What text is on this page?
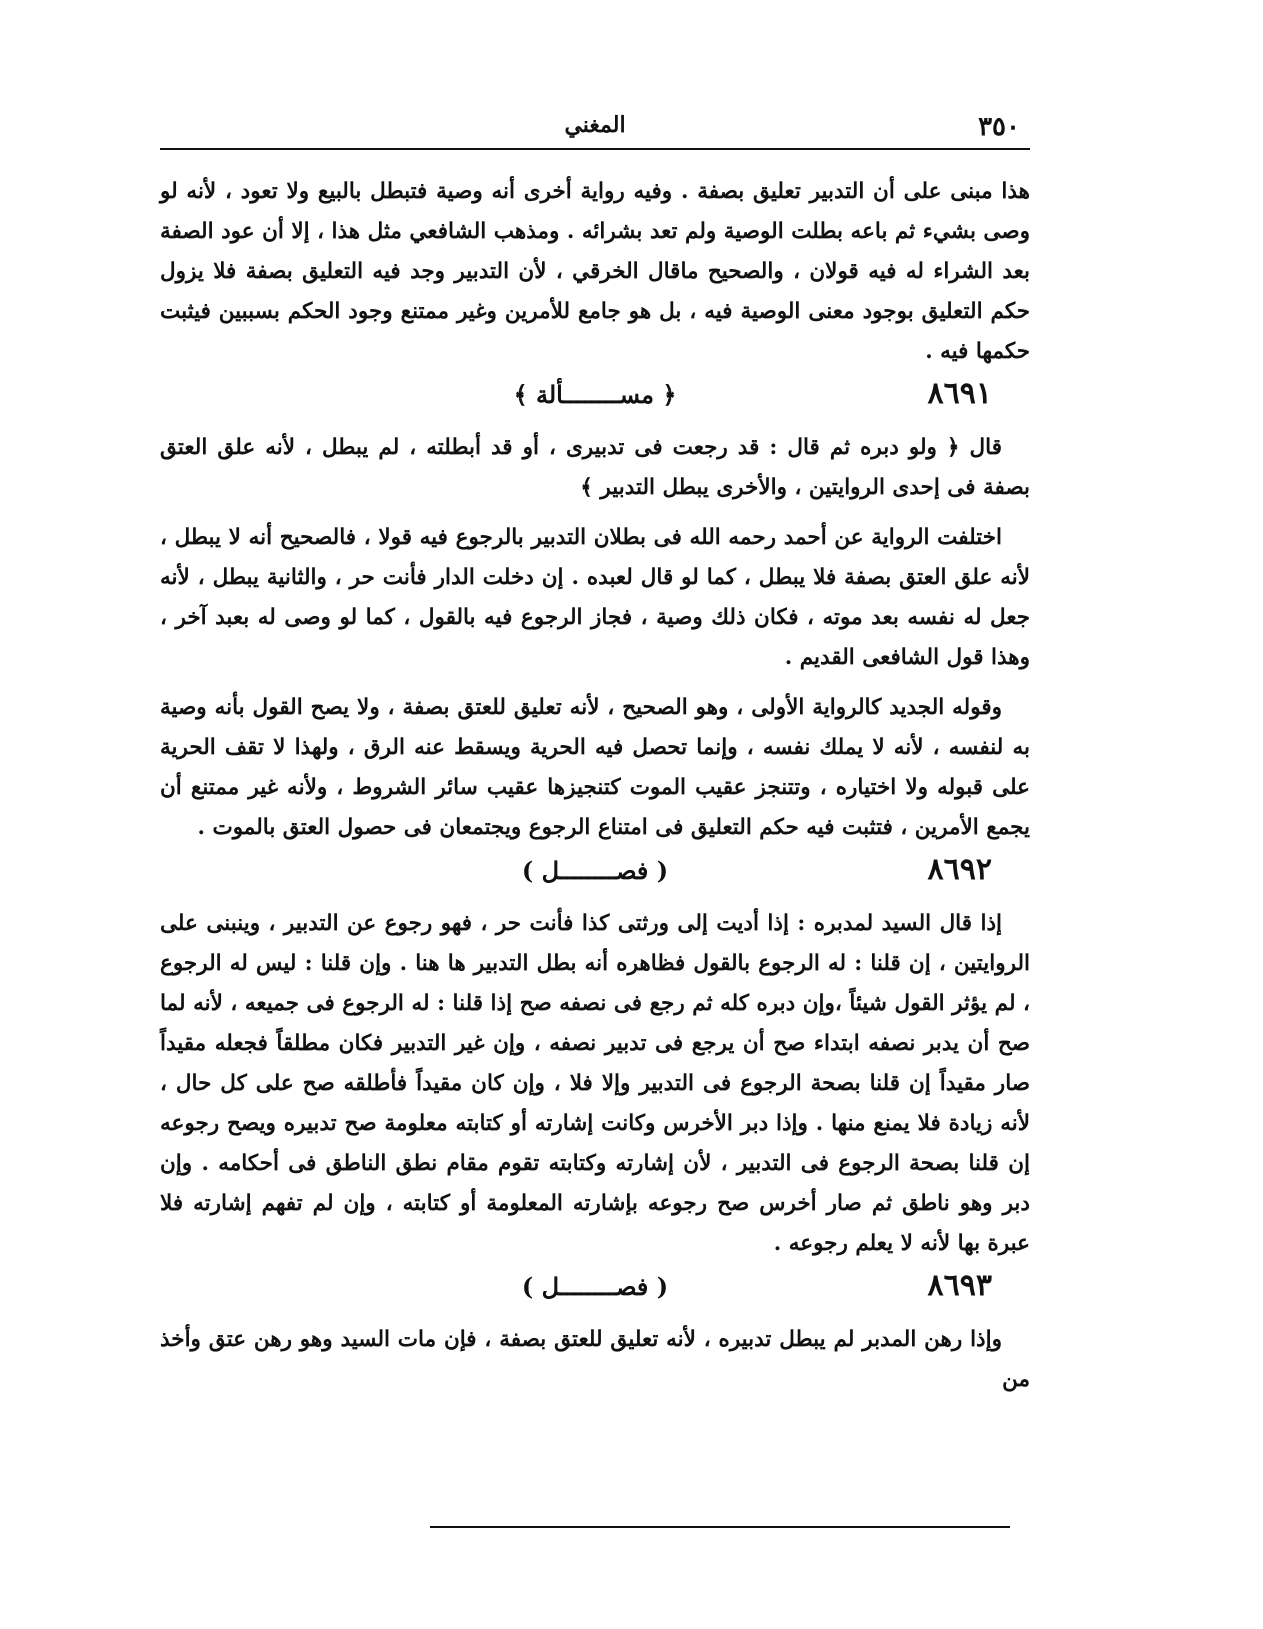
٣٥٠
المغني

هذا مبنى على أن التدبير تعليق بصفة . وفيه رواية أخرى أنه وصية فتبطل بالبيع ولا تعود ، لأنه لو وصى بشيء ثم باعه بطلت الوصية ولم تعد بشرائه . ومذهب الشافعي مثل هذا ، إلا أن عود الصفة بعد الشراء له فيه قولان ، والصحيح ماقال الخرقي ، لأن التدبير وجد فيه التعليق بصفة فلا يزول حكم التعليق بوجود معنى الوصية فيه ، بل هو جامع للأمرين وغير ممتنع وجود الحكم بسببين فيثبت حكمها فيه .

٨٦٩١
﴿ مســــــــألة ﴾

قال ﴿ ولو دبره ثم قال : قد رجعت فى تدبيرى ، أو قد أبطلته ، لم يبطل ، لأنه علق العتق بصفة فى إحدى الروايتين ، والأخرى يبطل التدبير ﴾

اختلفت الرواية عن أحمد رحمه الله فى بطلان التدبير بالرجوع فيه قولا ، فالصحيح أنه لا يبطل ، لأنه علق العتق بصفة فلا يبطل ، كما لو قال لعبده . إن دخلت الدار فأنت حر ، والثانية يبطل ، لأنه جعل له نفسه بعد موته ، فكان ذلك وصية ، فجاز الرجوع فيه بالقول ، كما لو وصى له بعبد آخر ، وهذا قول الشافعى القديم .

وقوله الجديد كالرواية الأولى ، وهو الصحيح ، لأنه تعليق للعتق بصفة ، ولا يصح القول بأنه وصية به لنفسه ، لأنه لا يملك نفسه ، وإنما تحصل فيه الحرية ويسقط عنه الرق ، ولهذا لا تقف الحرية على قبوله ولا اختياره ، وتتنجز عقيب الموت كتنجيزها عقيب سائر الشروط ، ولأنه غير ممتنع أن يجمع الأمرين ، فتثبت فيه حكم التعليق فى امتناع الرجوع ويجتمعان فى حصول العتق بالموت .

٨٦٩٢
( فصــــــــل )

إذا قال السيد لمدبره : إذا أديت إلى ورثتى كذا فأنت حر ، فهو رجوع عن التدبير ، وينبنى على الروايتين ، إن قلنا : له الرجوع بالقول فظاهره أنه بطل التدبير ها هنا . وإن قلنا : ليس له الرجوع ، لم يؤثر القول شيئاً ،وإن دبره كله ثم رجع فى نصفه صح إذا قلنا : له الرجوع فى جميعه ، لأنه لما صح أن يدبر نصفه ابتداء صح أن يرجع فى تدبير نصفه ، وإن غير التدبير فكان مطلقاً فجعله مقيداً صار مقيداً إن قلنا بصحة الرجوع فى التدبير وإلا فلا ، وإن كان مقيداً فأطلقه صح على كل حال ، لأنه زيادة فلا يمنع منها . وإذا دبر الأخرس وكانت إشارته أو كتابته معلومة صح تدبيره ويصح رجوعه إن قلنا بصحة الرجوع فى التدبير ، لأن إشارته وكتابته تقوم مقام نطق الناطق فى أحكامه . وإن دبر وهو ناطق ثم صار أخرس صح رجوعه بإشارته المعلومة أو كتابته ، وإن لم تفهم إشارته فلا عبرة بها لأنه لا يعلم رجوعه .

٨٦٩٣
( فصــــــــل )

وإذا رهن المدبر لم يبطل تدبيره ، لأنه تعليق للعتق بصفة ، فإن مات السيد وهو رهن عتق وأخذ من
